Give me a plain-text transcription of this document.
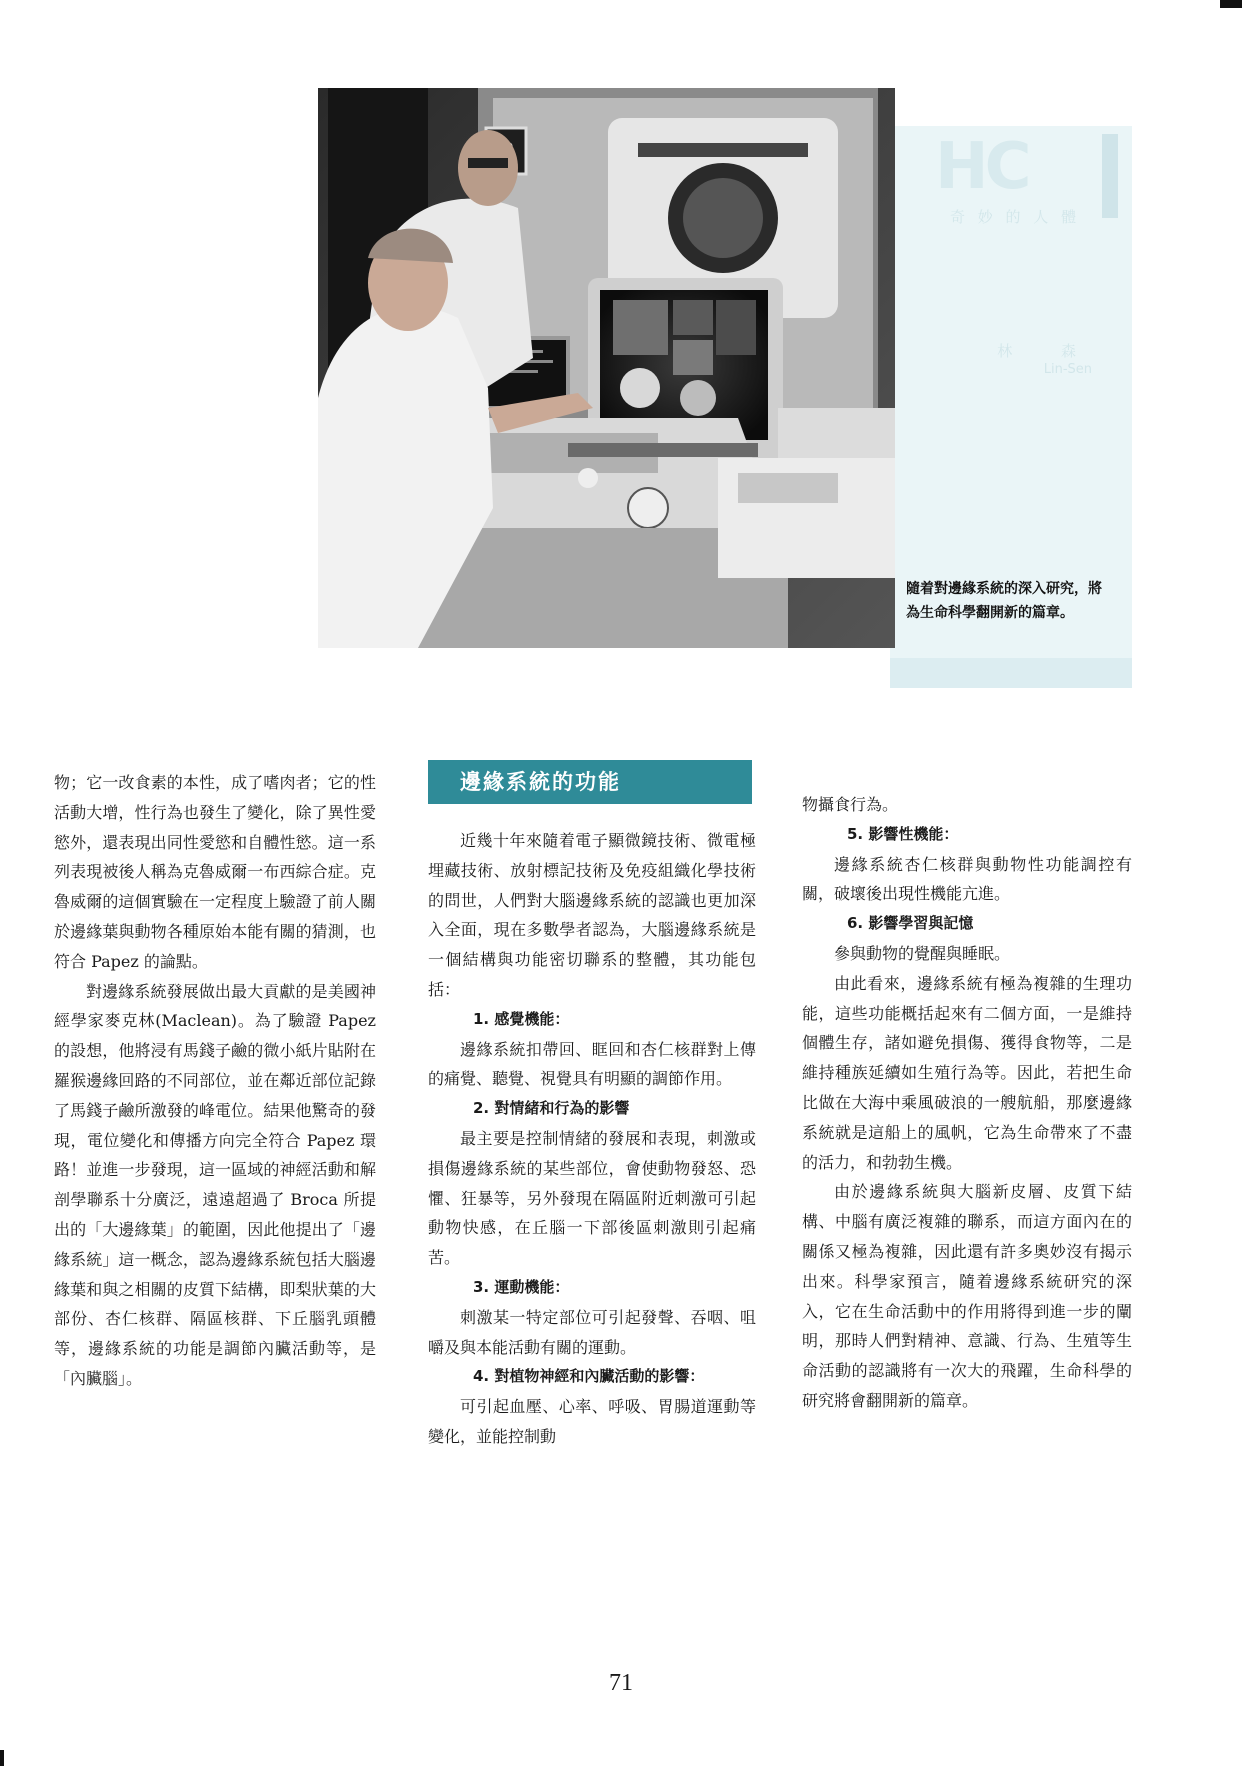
HC
奇 妙 的 人 體
林 森
Lin-Sen
隨着對邊緣系統的深入研究，將為生命科學翻開新的篇章。

物；它一改食素的本性，成了嗜肉者；它的性活動大增，性行為也發生了變化，除了異性愛慾外，還表現出同性愛慾和自體性慾。這一系列表現被後人稱為克魯威爾一布西綜合症。克魯威爾的這個實驗在一定程度上驗證了前人關於邊緣葉與動物各種原始本能有關的猜測，也符合 Papez 的論點。

對邊緣系統發展做出最大貢獻的是美國神經學家麥克林(Maclean)。為了驗證 Papez 的設想，他將浸有馬錢子鹼的微小紙片貼附在羅猴邊緣回路的不同部位，並在鄰近部位記錄了馬錢子鹼所激發的峰電位。結果他驚奇的發現，電位變化和傳播方向完全符合 Papez 環路！並進一步發現，這一區域的神經活動和解剖學聯系十分廣泛，遠遠超過了 Broca 所提出的「大邊緣葉」的範圍，因此他提出了「邊緣系統」這一概念，認為邊緣系統包括大腦邊緣葉和與之相關的皮質下結構，即梨狀葉的大部份、杏仁核群、隔區核群、下丘腦乳頭體等，邊緣系統的功能是調節內臟活動等，是「內臟腦」。

邊緣系統的功能

近幾十年來隨着電子顯微鏡技術、微電極埋藏技術、放射標記技術及免疫組織化學技術的問世，人們對大腦邊緣系統的認識也更加深入全面，現在多數學者認為，大腦邊緣系統是一個結構與功能密切聯系的整體，其功能包括：

1. 感覺機能：

邊緣系統扣帶回、眶回和杏仁核群對上傳的痛覺、聽覺、視覺具有明顯的調節作用。

2. 對情緒和行為的影響

最主要是控制情緒的發展和表現，刺激或損傷邊緣系統的某些部位，會使動物發怒、恐懼、狂暴等，另外發現在隔區附近刺激可引起動物快感，在丘腦一下部後區刺激則引起痛苦。

3. 運動機能：

刺激某一特定部位可引起發聲、吞咽、咀嚼及與本能活動有關的運動。

4. 對植物神經和內臟活動的影響：

可引起血壓、心率、呼吸、胃腸道運動等變化，並能控制動

物攝食行為。

5. 影響性機能：

邊緣系統杏仁核群與動物性功能調控有關，破壞後出現性機能亢進。

6. 影響學習與記憶

參與動物的覺醒與睡眠。

由此看來，邊緣系統有極為複雜的生理功能，這些功能概括起來有二個方面，一是維持個體生存，諸如避免損傷、獲得食物等，二是維持種族延續如生殖行為等。因此，若把生命比做在大海中乘風破浪的一艘航船，那麼邊緣系統就是這船上的風帆，它為生命帶來了不盡的活力，和勃勃生機。

由於邊緣系統與大腦新皮層、皮質下結構、中腦有廣泛複雜的聯系，而這方面內在的關係又極為複雜，因此還有許多奧妙沒有揭示出來。科學家預言，隨着邊緣系統研究的深入，它在生命活動中的作用將得到進一步的闡明，那時人們對精神、意識、行為、生殖等生命活動的認識將有一次大的飛躍，生命科學的研究將會翻開新的篇章。

71
